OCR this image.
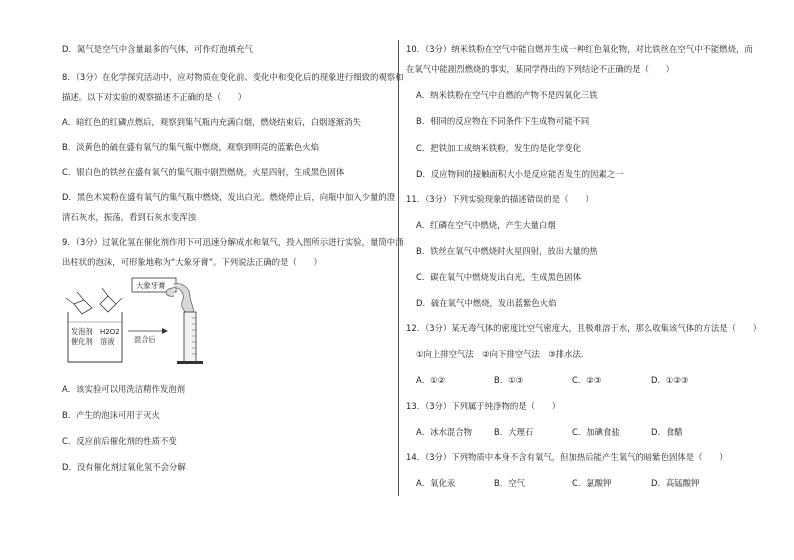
D．氮气是空气中含量最多的气体，可作灯泡填充气
8．（3分）在化学探究活动中，应对物质在变化前、变化中和变化后的现象进行细致的观察和
描述。以下对实验的观察描述不正确的是（　　）
A．暗红色的红磷点燃后，观察到集气瓶内充满白烟，燃烧结束后，白烟逐渐消失
B．淡黄色的硫在盛有氧气的集气瓶中燃烧，观察到明亮的蓝紫色火焰
C．银白色的铁丝在盛有氧气的集气瓶中剧烈燃烧，火星四射，生成黑色固体
D．黑色木炭粉在盛有氧气的集气瓶中燃烧，发出白光。燃烧停止后，向瓶中加入少量的澄
清石灰水，振荡，看到石灰水变浑浊
9．（3分）过氧化氢在催化剂作用下可迅速分解成水和氧气，投入图所示进行实验，量筒中涌
出柱状的泡沫，可形象地称为“大象牙膏”。下列说法正确的是（　　）
发泡剂
催化剂
H2O2
溶液	混合后
大象牙膏
A．该实验可以用洗洁精作发泡剂
B．产生的泡沫可用于灭火
C．反应前后催化剂的性质不变
D．没有催化剂过氧化氢不会分解
10．（3分）纳米铁粉在空气中能自燃并生成一种红色氧化物，对比铁丝在空气中不能燃烧，而
在氧气中能剧烈燃烧的事实，某同学得出的下列结论不正确的是（　　）
A．纳米铁粉在空气中自燃的产物不是四氧化三铁
B．相同的反应物在不同条件下生成物可能不同
C．把铁加工成纳米铁粉，发生的是化学变化
D．反应物间的接触面积大小是反应能否发生的因素之一
11．（3分）下列实验现象的描述错误的是（　　）
A．红磷在空气中燃烧，产生大量白烟
B．铁丝在氧气中燃烧时火星四射，放出大量的热
C．碳在氧气中燃烧发出白光，生成黑色固体
D．硫在氧气中燃烧，发出蓝紫色火焰
12．（3分）某无毒气体的密度比空气密度大，且极难溶于水，那么收集该气体的方法是（　　）
①向上排空气法　②向下排空气法　③排水法.
A．①②	B．①③	C．②③	D．①②③
13．（3分）下列属于纯净物的是（　　）
A．冰水混合物	B．大理石	C．加碘食盐	D．食醋
14．（3分）下列物质中本身不含有氧气，但加热后能产生氧气的暗紫色固体是（　　）
A．氧化汞	B．空气	C．氯酸钾	D．高锰酸钾
